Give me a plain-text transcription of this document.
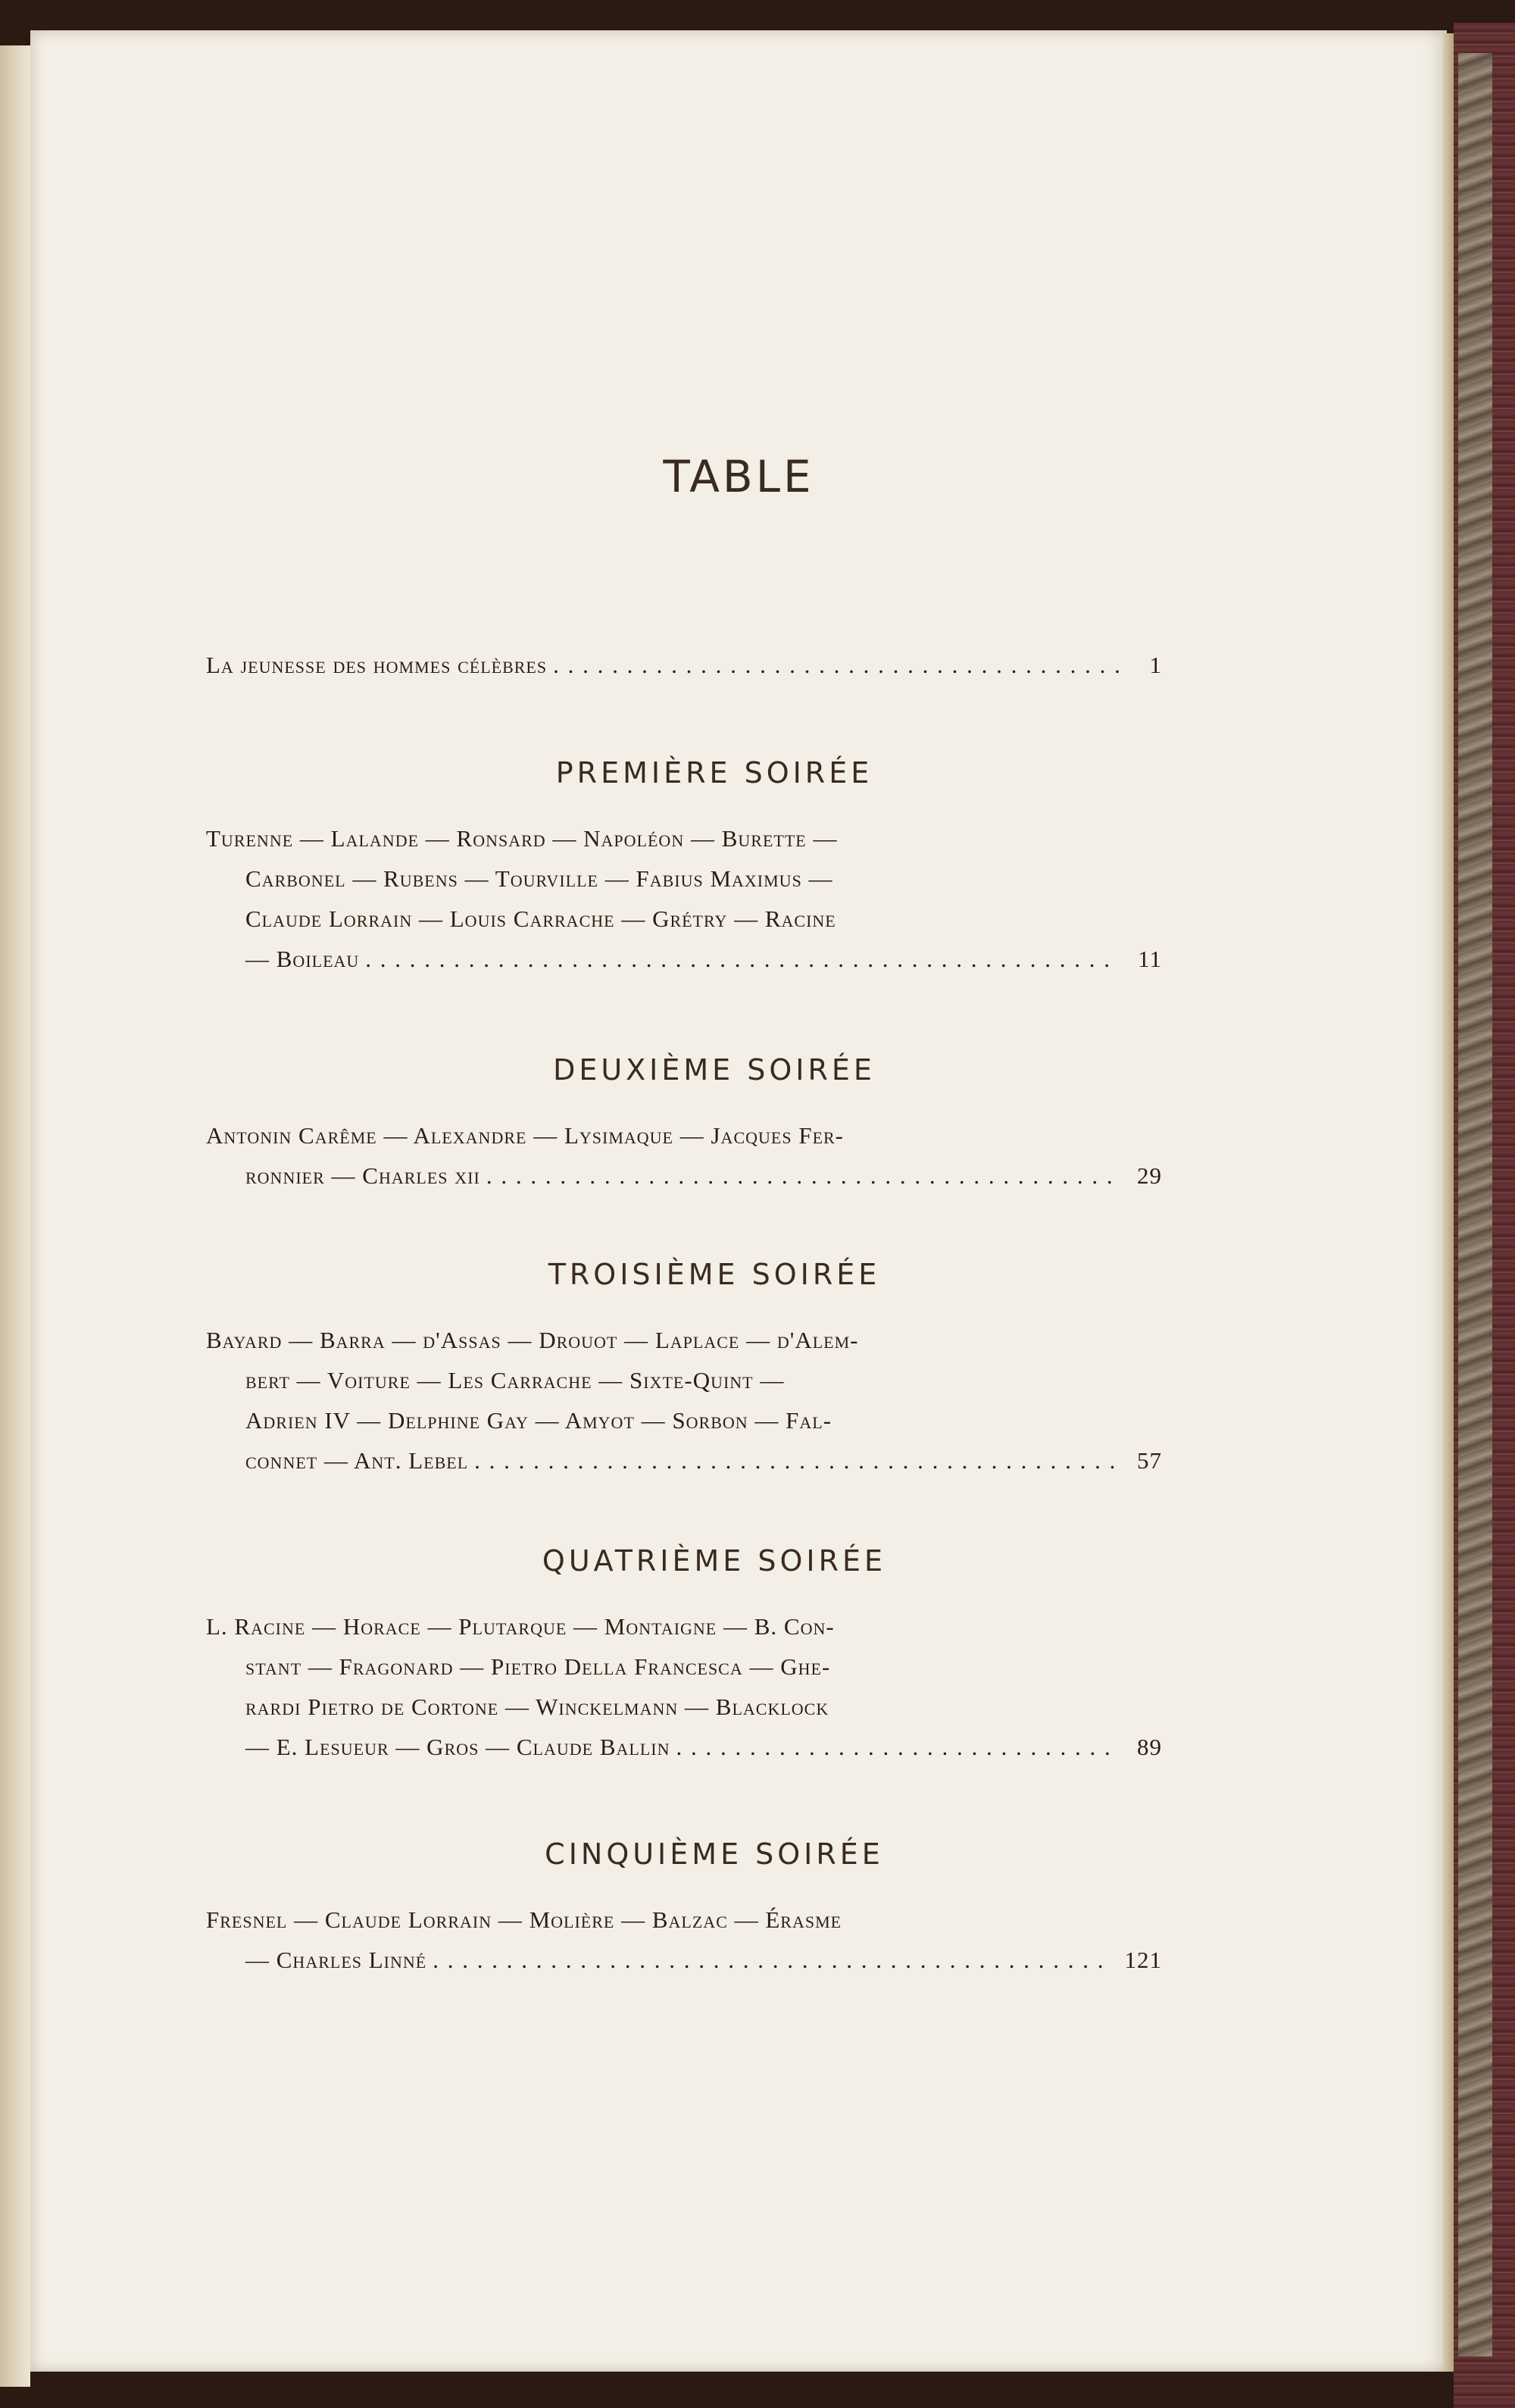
TABLE
La jeunesse des hommes célèbres . . .	1
PREMIÈRE SOIRÉE
Turenne — Lalande — Ronsard — Napoléon — Burette —
Carbonel — Rubens — Tourville — Fabius Maximus —
Claude Lorrain — Louis Carrache — Grétry — Racine
— Boileau . . .	11
DEUXIÈME SOIRÉE
Antonin Carême — Alexandre — Lysimaque — Jacques Fer-
ronnier — Charles xii . . .	29
TROISIÈME SOIRÉE
Bayard — Barra — d'Assas — Drouot — Laplace — d'Alem-
bert — Voiture — Les Carrache — Sixte-Quint —
Adrien IV — Delphine Gay — Amyot — Sorbon — Fal-
connet — Ant. Lebel . . .	57
QUATRIÈME SOIRÉE
L. Racine — Horace — Plutarque — Montaigne — B. Con-
stant — Fragonard — Pietro Della Francesca — Ghe-
rardi Pietro de Cortone — Winckelmann — Blacklock
— E. Lesueur — Gros — Claude Ballin . . .	89
CINQUIÈME SOIRÉE
Fresnel — Claude Lorrain — Molière — Balzac — Érasme
— Charles Linné . . .	121
